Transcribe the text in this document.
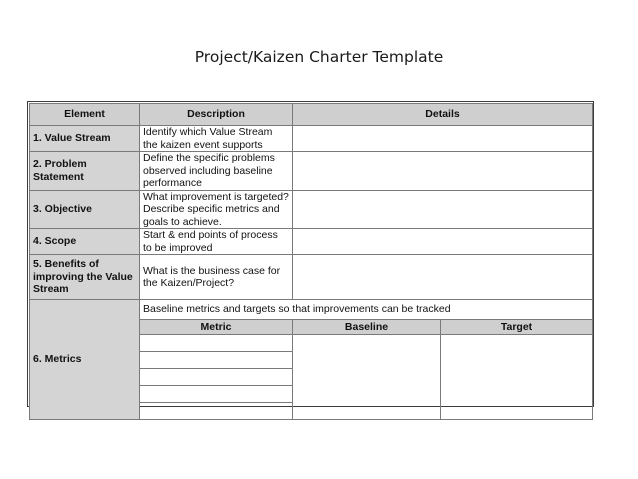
Project/Kaizen Charter Template
Element	Description	Details	
1. Value Stream	Identify which Value Stream the kaizen event supports		
2. Problem Statement	Define the specific problems observed including baseline performance		
3. Objective	What improvement is targeted? Describe specific metrics and goals to achieve.		
4. Scope	Start & end points of process to be improved		
5. Benefits of improving the Value Stream	What is the business case for the Kaizen/Project?		
6. Metrics	Baseline metrics and targets so that improvements can be tracked		
	Metric	Baseline	Target
